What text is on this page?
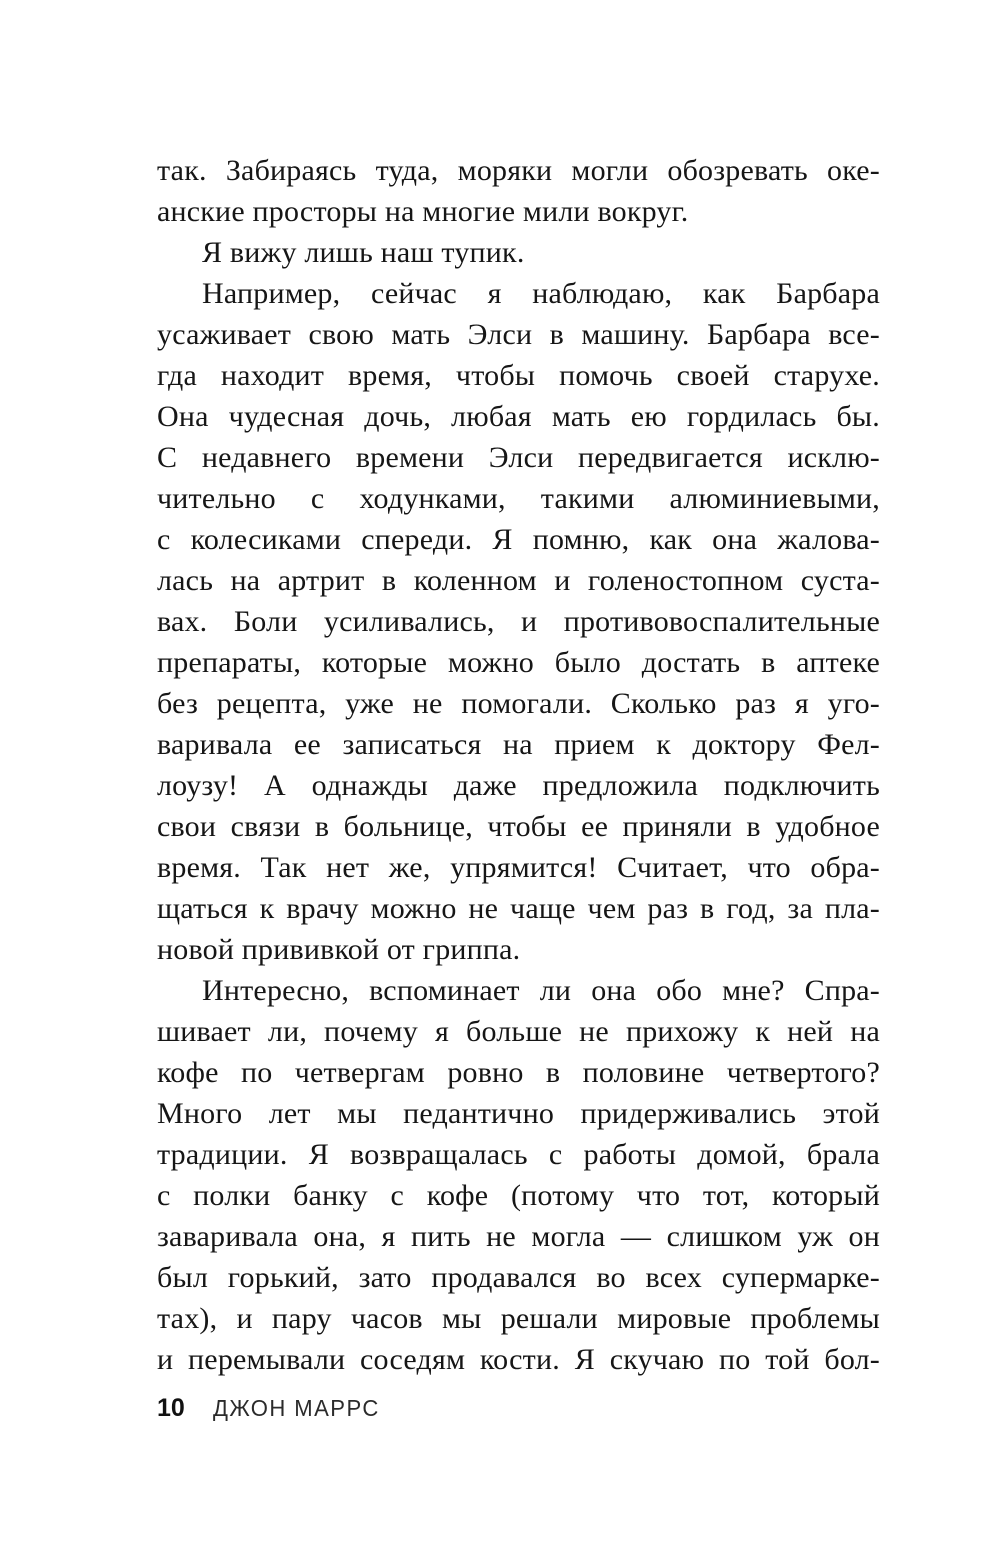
так. Забираясь туда, моряки могли обозревать оке-
анские просторы на многие мили вокруг.
Я вижу лишь наш тупик.
Например, сейчас я наблюдаю, как Барбара
усаживает свою мать Элси в машину. Барбара все-
гда находит время, чтобы помочь своей старухе.
Она чудесная дочь, любая мать ею гордилась бы.
С недавнего времени Элси передвигается исклю-
чительно с ходунками, такими алюминиевыми,
с колесиками спереди. Я помню, как она жалова-
лась на артрит в коленном и голеностопном суста-
вах. Боли усиливались, и противовоспалительные
препараты, которые можно было достать в аптеке
без рецепта, уже не помогали. Сколько раз я уго-
варивала ее записаться на прием к доктору Фел-
лоузу! А однажды даже предложила подключить
свои связи в больнице, чтобы ее приняли в удобное
время. Так нет же, упрямится! Считает, что обра-
щаться к врачу можно не чаще чем раз в год, за пла-
новой прививкой от гриппа.
Интересно, вспоминает ли она обо мне? Спра-
шивает ли, почему я больше не прихожу к ней на
кофе по четвергам ровно в половине четвертого?
Много лет мы педантично придерживались этой
традиции. Я возвращалась с работы домой, брала
с полки банку с кофе (потому что тот, который
заваривала она, я пить не могла — слишком уж он
был горький, зато продавался во всех супермарке-
тах), и пару часов мы решали мировые проблемы
и перемывали соседям кости. Я скучаю по той бол-
10 ДЖОН МАРРС
